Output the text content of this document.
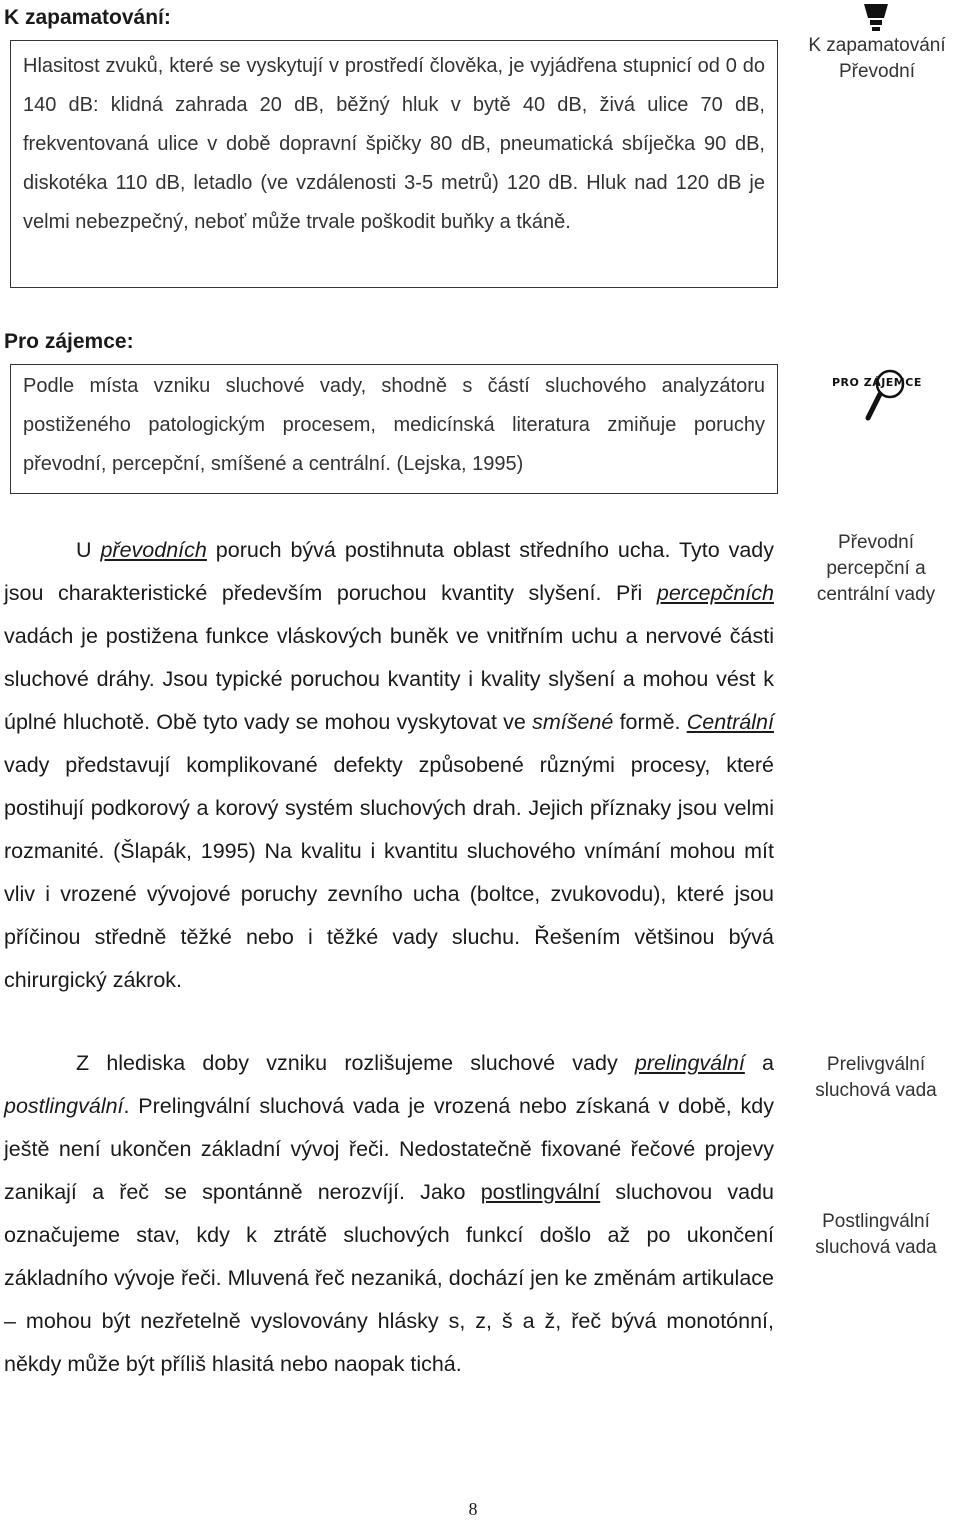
K zapamatování:
Hlasitost zvuků, které se vyskytují v prostředí člověka, je vyjádřena stupnicí od 0 do 140 dB: klidná zahrada 20 dB, běžný hluk v bytě 40 dB, živá ulice 70 dB, frekventovaná ulice v době dopravní špičky 80 dB, pneumatická sbíječka 90 dB, diskotéka 110 dB, letadlo (ve vzdálenosti 3-5 metrů) 120 dB. Hluk nad 120 dB je velmi nebezpečný, neboť může trvale poškodit buňky a tkáně.
K zapamatování
Převodní
Pro zájemce:
Podle místa vzniku sluchové vady, shodně s částí sluchového analyzátoru postiženého patologickým procesem, medicínská literatura zmiňuje poruchy převodní, percepční, smíšené a centrální. (Lejska, 1995)
PRO ZÁJEMCE
U převodních poruch bývá postihnuta oblast středního ucha. Tyto vady jsou charakteristické především poruchou kvantity slyšení. Při percepčních vadách je postižena funkce vláskových buněk ve vnitřním uchu a nervové části sluchové dráhy. Jsou typické poruchou kvantity i kvality slyšení a mohou vést k úplné hluchotě. Obě tyto vady se mohou vyskytovat ve smíšené formě. Centrální vady představují komplikované defekty způsobené různými procesy, které postihují podkorový a korový systém sluchových drah. Jejich příznaky jsou velmi rozmanité. (Šlapák, 1995) Na kvalitu i kvantitu sluchového vnímání mohou mít vliv i vrozené vývojové poruchy zevního ucha (boltce, zvukovodu), které jsou příčinou středně těžké nebo i těžké vady sluchu. Řešením většinou bývá chirurgický zákrok.
Z hlediska doby vzniku rozlišujeme sluchové vady prelingvální a postlingvální. Prelingvální sluchová vada je vrozená nebo získaná v době, kdy ještě není ukončen základní vývoj řeči. Nedostatečně fixované řečové projevy zanikají a řeč se spontánně nerozvíjí. Jako postlingvální sluchovou vadu označujeme stav, kdy k ztrátě sluchových funkcí došlo až po ukončení základního vývoje řeči. Mluvená řeč nezaniká, dochází jen ke změnám artikulace – mohou být nezřetelně vyslovovány hlásky s, z, š a ž, řeč bývá monotónní, někdy může být příliš hlasitá nebo naopak tichá.
Převodní percepční a centrální vady
Prelivgvální sluchová vada
Postlingvální sluchová vada
8
